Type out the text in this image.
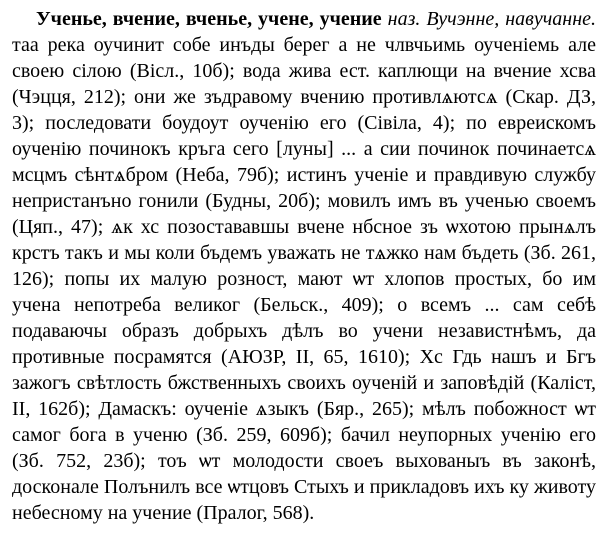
Ученье, вчение, вченье, учене, учение наз. Вучэнне, навучанне. таа река оучинит собе инъды берег а не члвчьимь оученіемь але своею сілою (Віcл., 10б); вода жива ест. каплющи на вчение хсва (Чэцця, 212); они же зъдравому вчению противлѧютсѧ (Скар. ДЗ, 3); последовати боудоут оученію его (Сівіла, 4); по евреискомъ оученію починокъ кръга сего [луны] ... а сии починок починаетсѧ мсцмъ сѣнтѧбром (Неба, 79б); истинъ ученіе и правдивую службу непристанъно гонили (Будны, 20б); мовилъ имъ въ ученью своемъ (Цяп., 47); ѧк хс позостававшы вчене нбсное зъ ѡхотою прынѧлъ крстъ такъ и мы коли бъдемъ уважать не тѧжко нам бъдеть (Зб. 261, 126); попы их малую розност, мают ѡт хлопов простых, бо им учена непотреба великог (Бельск., 409); о всемъ ... сам себѣ подаваючы образъ добрыхъ дѣлъ во учени независтнѣмъ, да противные посрамятся (АЮЗР, ІІ, 65, 1610); Хс Гдь нашъ и Бгъ зажогъ свѣтлость бжственныхъ своихъ оученій и заповѣдій (Каліст, ІІ, 162б); Дамаскъ: оученіе ѧзыкъ (Бяр., 265); мѣлъ побожност ѡт самог бога в ученю (Зб. 259, 609б); бачил неупорных ученію его (Зб. 752, 23б); тоъ ѡт молодости своеъ выхованыъ въ законѣ, досконале Полънилъ все ѡтцовъ Стыхъ и прикладовъ ихъ ку животу небесному на учение (Пралог, 568).
